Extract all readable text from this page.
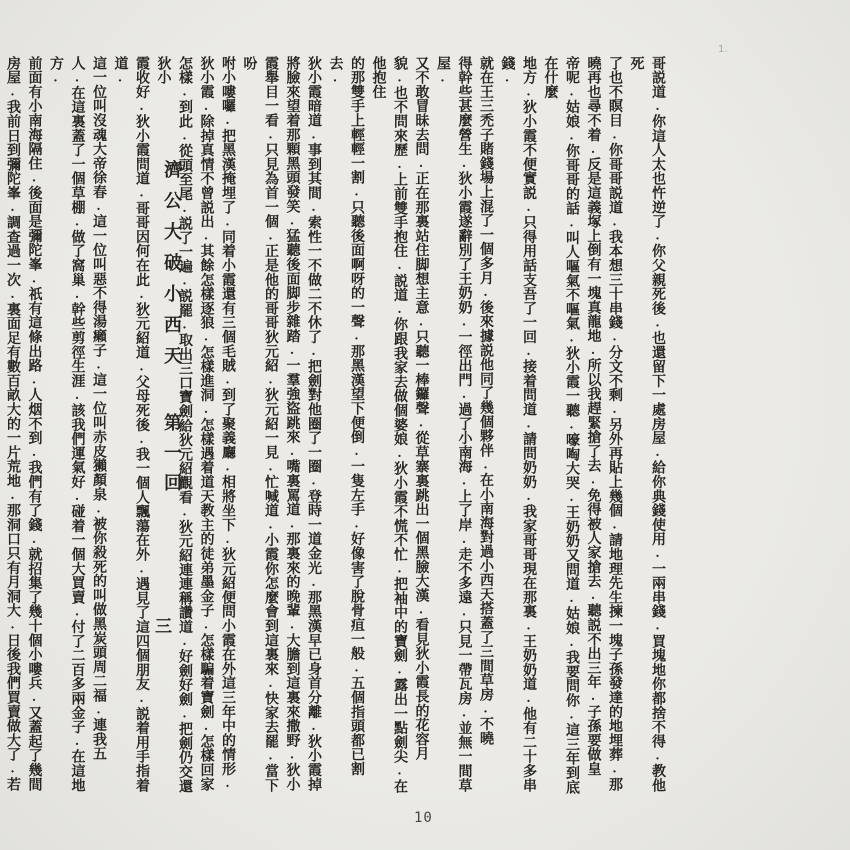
1.
哥説道.你這人太也忤逆了.你父親死後.也還留下一處房屋.給你典錢使用.一兩串錢.買塊地你都捨不得.教他死
了也不瞑目.你哥哥説道.我本想三十串錢.分文不剩.另外再貼上幾個.請地理先生揀一塊子孫發達的地埋葬.那
曉再也尋不着.反是這義塚上倒有一塊真龍地.所以我趕緊搶了去.免得被人家搶去.聽説不出三年.子孫要做皇
帝呢.姑娘.你哥哥的話.叫人嘔氣不嘔氣.狄小霞一聽.嚎啕大哭.王奶奶又問道.姑娘.我要問你.這三年到底在什麼
地方.狄小霞不便實説.只得用話支吾了一回.接着問道.請問奶奶.我家哥哥現在那裏.王奶奶道.他有二十多串錢.
就在王三禿子賭錢場上混了一個多月.後來據説他同了幾個夥伴.在小南海對過小西天搭蓋了三間草房.不曉
得幹些甚麼營生.狄小霞遂辭別了王奶奶.一徑出門.過了小南海.上了岸.走不多遠.只見一帶瓦房.並無一間草屋.
又不敢冒昧去問.正在那裏站住脚想主意.只聽一棒鑼聲.從草寨裏跳出一個黑臉大漢.看見狄小霞長的花容月
貌.也不問來歷.上前雙手抱住.説道.你跟我家去做個婆娘.狄小霞不慌不忙.把袖中的寶劍.露出一點劍尖.在他抱住
的那雙手上輕輕一割.只聽後面啊呀的一聲.那黑漢望下便倒.一隻左手.好像害了脫骨疽一般.五個指頭都已割去.
狄小霞暗道.事到其間.索性一不做二不休了.把劍對他圈了一圈.登時一道金光.那黑漢早已身首分離.狄小霞掉
將臉來望着那顆黑頭發笑.猛聽後面脚步雜踏.一羣強盜跳來.嘴裏罵道.那裏來的晚輩.大膽到這裏來撒野.狄小
霞舉目一看.只見為首一個.正是他的哥哥狄元紹.狄元紹一見.忙喊道.小霞你怎麼會到這裏來.快家去罷.當下吩
咐小嘍囉.把黑漢掩埋了.同着小霞還有三個毛賊.到了聚義廳.相將坐下.狄元紹便問小霞在外這三年中的情形.
狄小霞.除掉真情不曾説出.其餘怎樣逐狼.怎樣進洞.怎樣遇着道天教主的徒弟墨金子.怎樣騙着寶劍.怎樣回家
怎樣.到此.從頭至尾.説了一遍.説罷.取出三口寶劍給狄元紹觀看.狄元紹連連稱讚道.好劍好劍.把劍仍交還狄小
霞收好.狄小霞問道.哥哥因何在此.狄元紹道.父母死後.我一個人飄蕩在外.遇見了這四個朋友.説着用手指着道.
這一位叫沒魂大帝徐春.這一位叫惡不得湯癩子.這一位叫赤皮獺顏泉.被你殺死的叫做黑炭頭周二福.連我五
人.在這裏蓋了一個草棚.做了窩巢.幹些剪徑生涯.該我們運氣好.碰着一個大買賣.付了二百多兩金子.在這地方.
前面有小南海隔住.後面是彌陀峯.祇有這條出路.人烟不到.我們有了錢.就招集了幾十個小嘍兵.又蓋起了幾間
房屋.我前日到彌陀峯.調查過一次.裏面足有數百畝大的一片荒地.那洞口只有月洞大.日後我們買賣做大了.若	濟公大破小西天
第一回
三
10
